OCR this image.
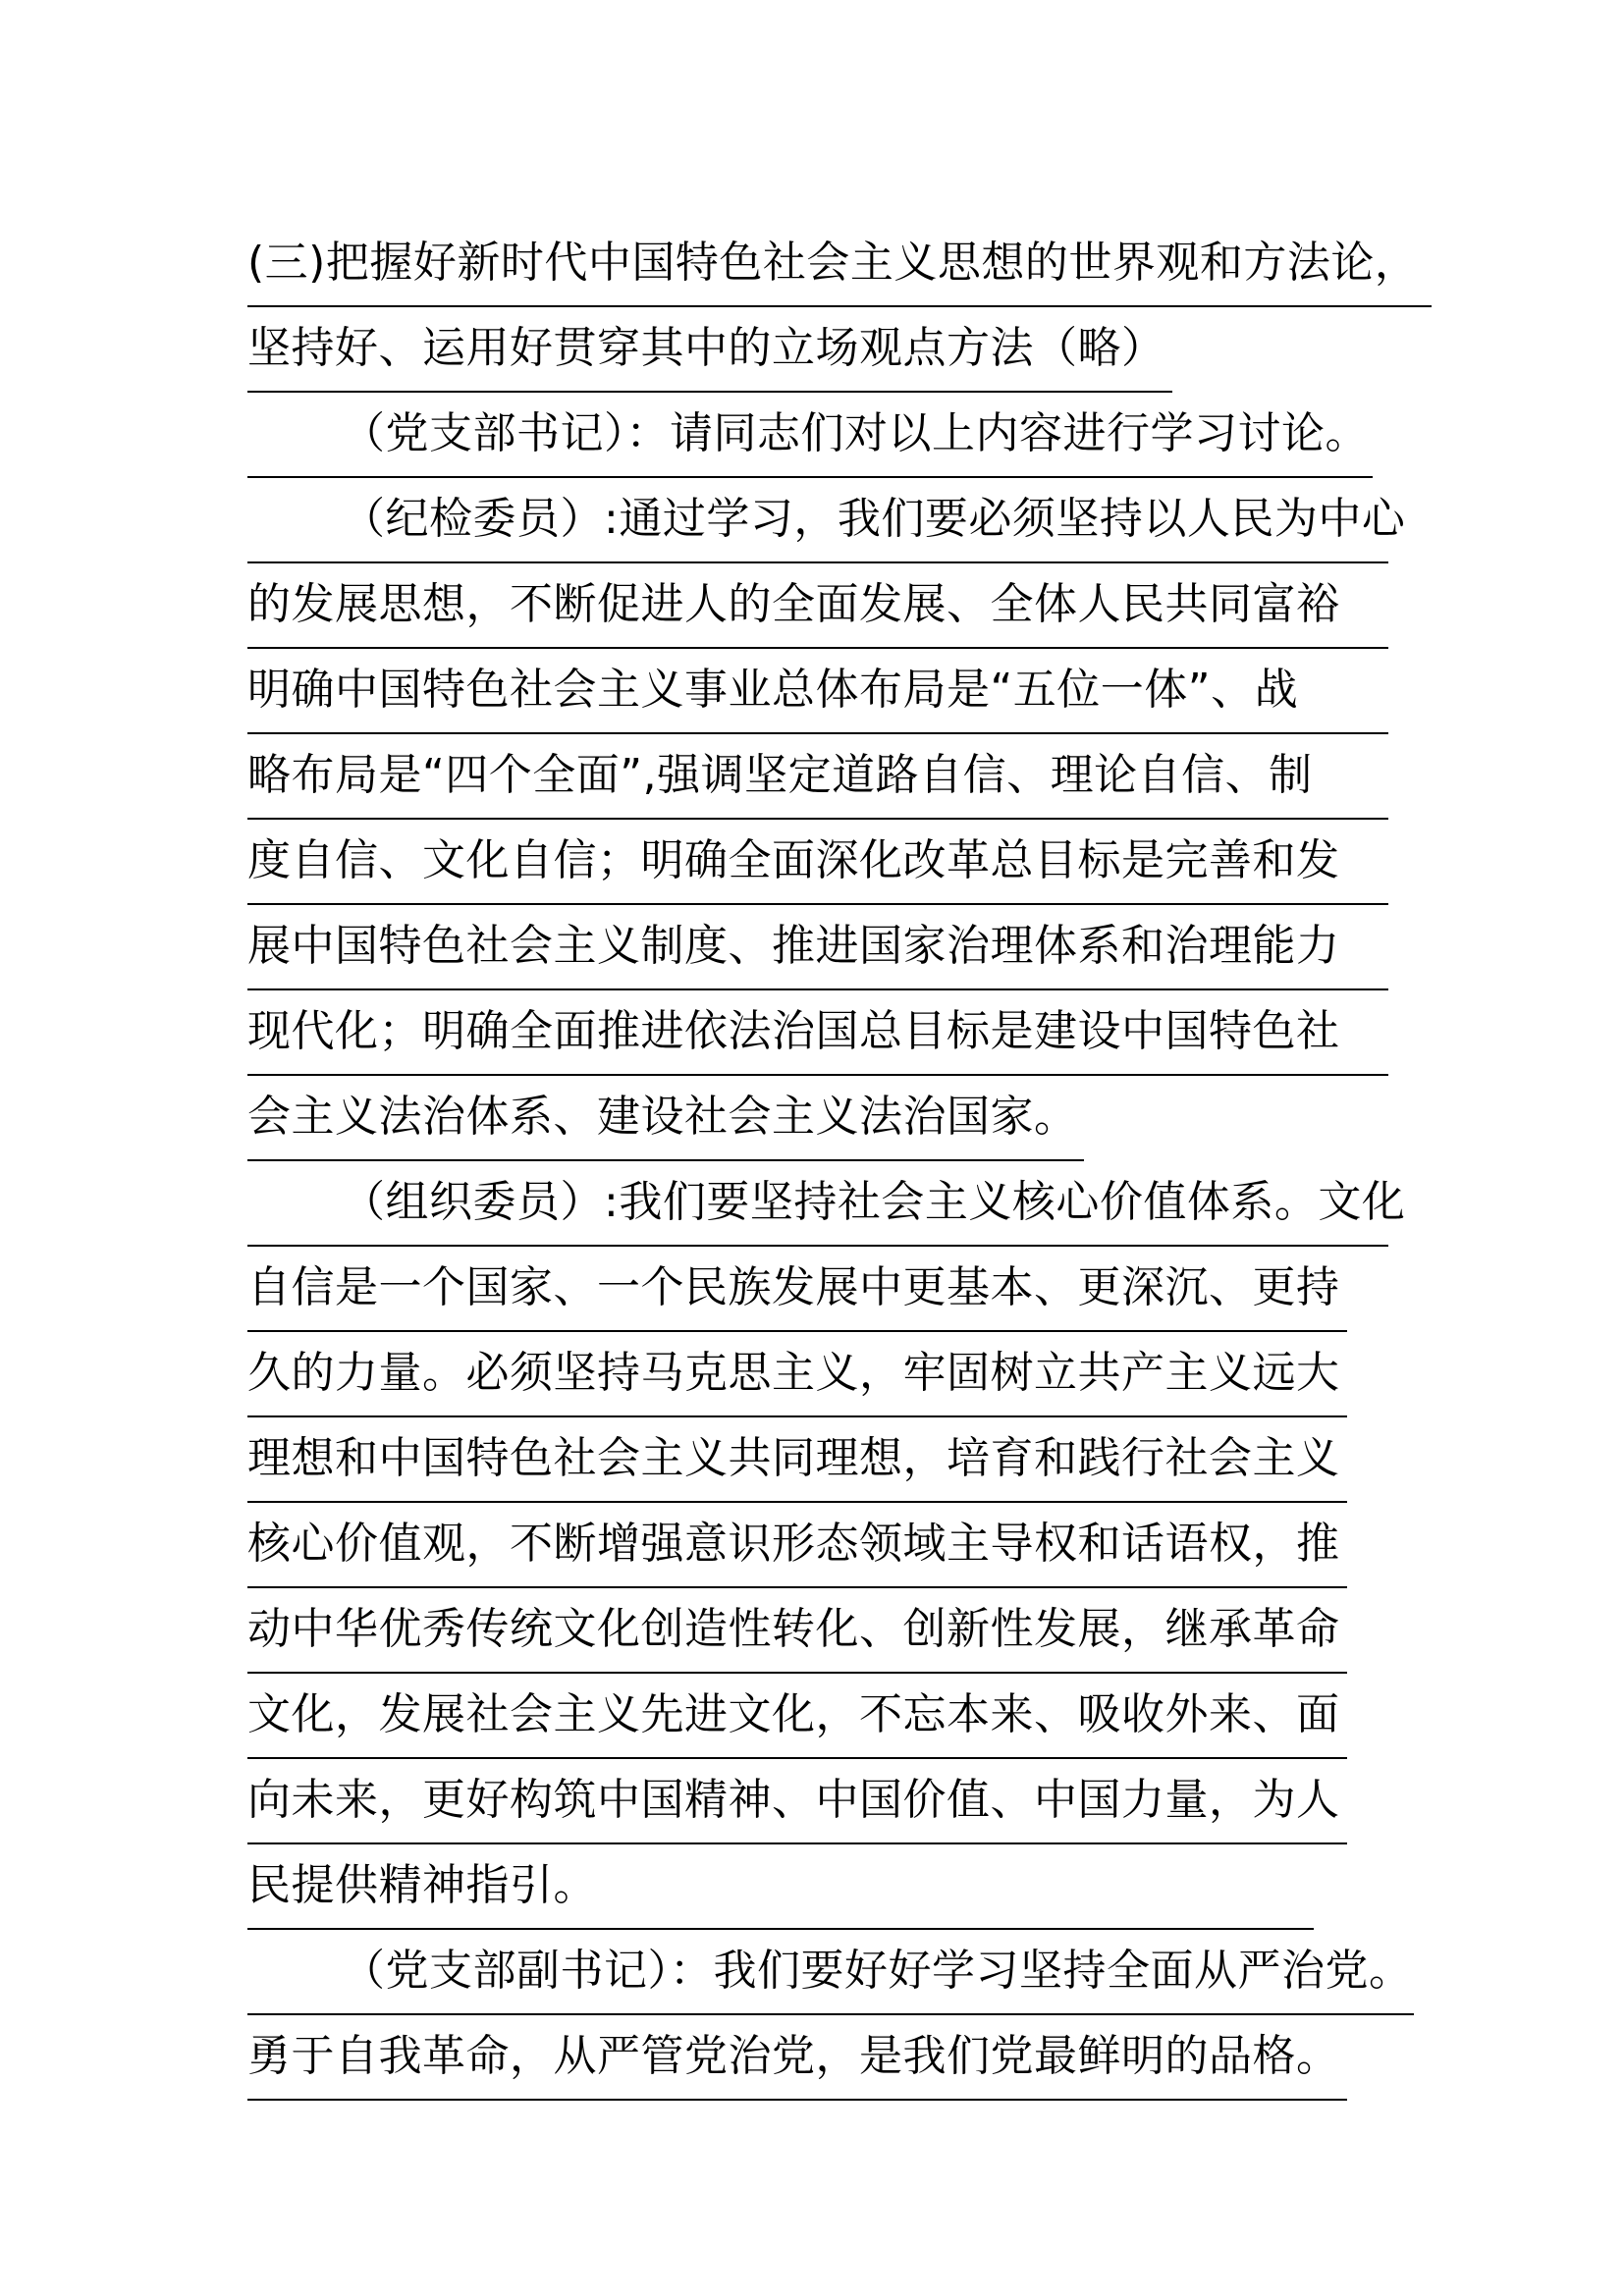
(三)把握好新时代中国特色社会主义思想的世界观和方法论，
坚持好、运用好贯穿其中的立场观点方法（略）
（党支部书记）：请同志们对以上内容进行学习讨论。
（纪检委员）:通过学习，我们要必须坚持以人民为中心
的发展思想，不断促进人的全面发展、全体人民共同富裕
明确中国特色社会主义事业总体布局是“五位一体”、战
略布局是“四个全面”,强调坚定道路自信、理论自信、制
度自信、文化自信；明确全面深化改革总目标是完善和发
展中国特色社会主义制度、推进国家治理体系和治理能力
现代化；明确全面推进依法治国总目标是建设中国特色社
会主义法治体系、建设社会主义法治国家。
（组织委员）:我们要坚持社会主义核心价值体系。文化
自信是一个国家、一个民族发展中更基本、更深沉、更持
久的力量。必须坚持马克思主义，牢固树立共产主义远大
理想和中国特色社会主义共同理想，培育和践行社会主义
核心价值观，不断增强意识形态领域主导权和话语权，推
动中华优秀传统文化创造性转化、创新性发展，继承革命
文化，发展社会主义先进文化，不忘本来、吸收外来、面
向未来，更好构筑中国精神、中国价值、中国力量，为人
民提供精神指引。
（党支部副书记）：我们要好好学习坚持全面从严治党。
勇于自我革命，从严管党治党，是我们党最鲜明的品格。
